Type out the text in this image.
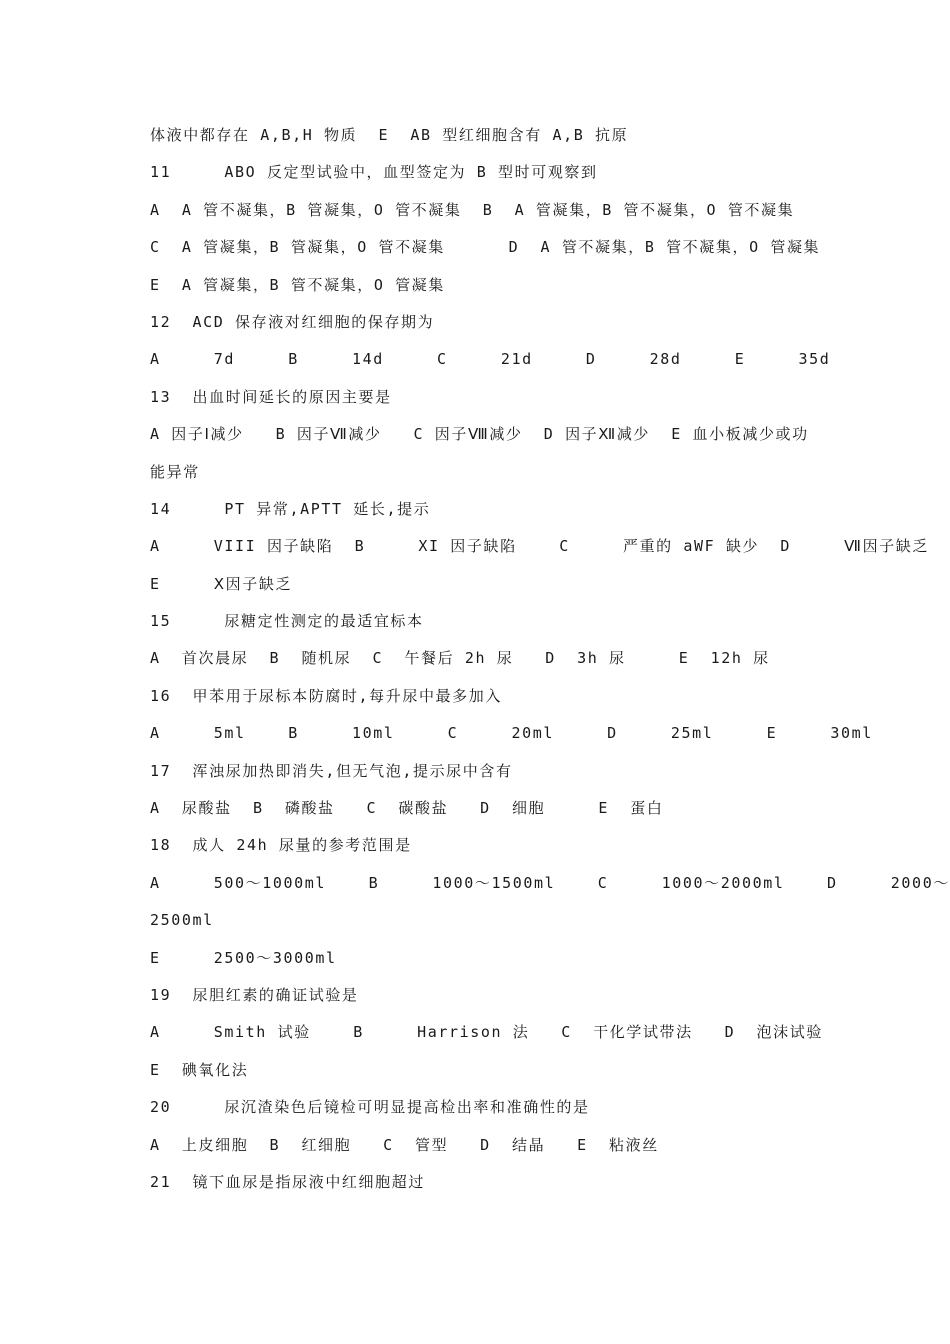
体液中都存在 A,B,H 物质  E  AB 型红细胞含有 A,B 抗原
11     ABO 反定型试验中，血型签定为 B 型时可观察到
A  A 管不凝集，B 管凝集，O 管不凝集  B  A 管凝集，B 管不凝集，O 管不凝集
C  A 管凝集，B 管凝集，O 管不凝集      D  A 管不凝集，B 管不凝集，O 管凝集
E  A 管凝集，B 管不凝集，O 管凝集
12  ACD 保存液对红细胞的保存期为
A     7d     B     14d     C     21d     D     28d     E     35d
13  出血时间延长的原因主要是
A 因子Ⅰ减少   B 因子Ⅶ减少   C 因子Ⅷ减少  D 因子Ⅻ减少  E 血小板减少或功
能异常
14     PT 异常,APTT 延长,提示
A     VIII 因子缺陷  B     XI 因子缺陷    C     严重的 aWF 缺少  D     Ⅶ因子缺乏
E     Ⅹ因子缺乏
15     尿糖定性测定的最适宜标本
A  首次晨尿  B  随机尿  C  午餐后 2h 尿   D  3h 尿     E  12h 尿
16  甲苯用于尿标本防腐时,每升尿中最多加入
A     5ml    B     10ml     C     20ml     D     25ml     E     30ml
17  浑浊尿加热即消失,但无气泡,提示尿中含有
A  尿酸盐  B  磷酸盐   C  碳酸盐   D  细胞     E  蛋白
18  成人 24h 尿量的参考范围是
A     500～1000ml    B     1000～1500ml    C     1000～2000ml    D     2000～
2500ml
E     2500～3000ml
19  尿胆红素的确证试验是
A     Smith 试验    B     Harrison 法   C  干化学试带法   D  泡沫试验
E  碘氧化法
20     尿沉渣染色后镜检可明显提高检出率和准确性的是
A  上皮细胞  B  红细胞   C  管型   D  结晶   E  粘液丝
21  镜下血尿是指尿液中红细胞超过
